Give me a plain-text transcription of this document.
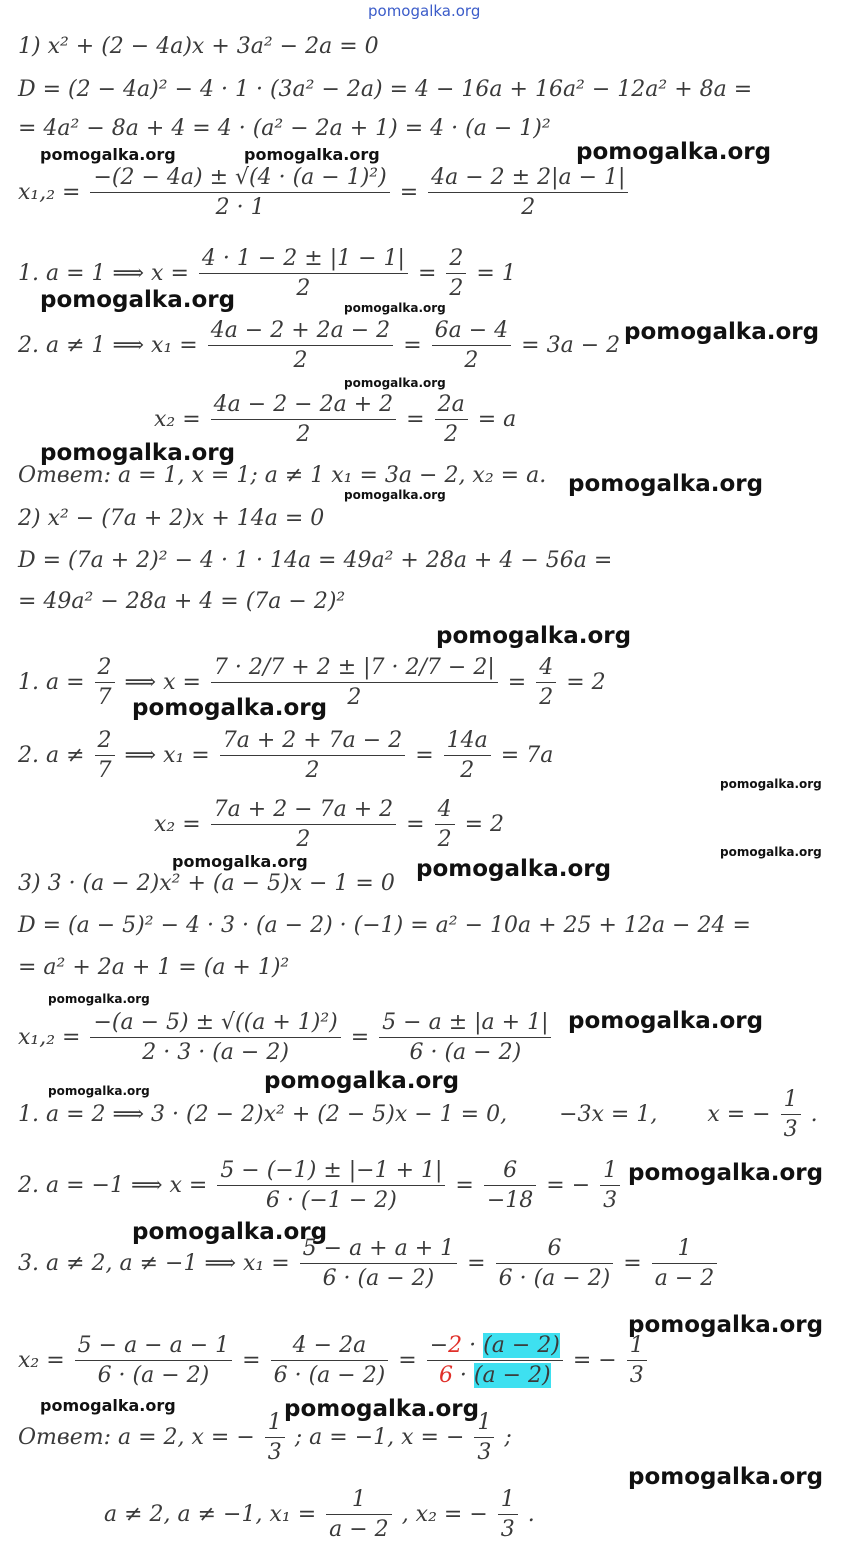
pomogalka.org
1) x² + (2 − 4a)x + 3a² − 2a = 0
D = (2 − 4a)² − 4 · 1 · (3a² − 2a) = 4 − 16a + 16a² − 12a² + 8a =
= 4a² − 8a + 4 = 4 · (a² − 2a + 1) = 4 · (a − 1)²
$x_1,_2 = \frac{\text{−(2 − 4a) ± √(4 · (a − 1)²)}}{2 \cdot 1} = \frac{4a - 2 \pm 2|a - 1|}{2}$
1. a = 1 ⟹ $x = \frac{4 \cdot 1 - 2 \pm |1 - 1|}{2} = \frac{2}{2} = 1$
2. a ≠ 1 ⟹ $x_1 = \frac{4a - 2 + 2a - 2}{2} = \frac{6a - 4}{2} = 3a - 2$
$x_2 = \frac{4a - 2 - 2a + 2}{2} = \frac{2a}{2} = a$
Ответ: a = 1, x = 1; a ≠ 1 x₁ = 3a − 2, x₂ = a.
2) x² − (7a + 2)x + 14a = 0
D = (7a + 2)² − 4 · 1 · 14a = 49a² + 28a + 4 − 56a =
= 49a² − 28a + 4 = (7a − 2)²
1. $a = \frac{2}{7}$ ⟹ $x = \frac{7 \cdot 2/7 + 2 \pm |7 \cdot 2/7 - 2|}{2} = \frac{4}{2} = 2$
2. $a \ne \frac{2}{7}$ ⟹ $x_1 = \frac{7a + 2 + 7a - 2}{2} = \frac{14a}{2} = 7a$
$x_2 = \frac{7a + 2 - 7a + 2}{2} = \frac{4}{2} = 2$
3) 3 · (a − 2)x² + (a − 5)x − 1 = 0
D = (a − 5)² − 4 · 3 · (a − 2) · (−1) = a² − 10a + 25 + 12a − 24 =
= a² + 2a + 1 = (a + 1)²
$x_1,_2 = \frac{\text{−(a − 5) ± √((a + 1)²)}}{2 \cdot 3 \cdot (a - 2)} = \frac{5 - a \pm |a + 1|}{6 \cdot (a - 2)}$
1. a = 2 ⟹ 3 · (2 − 2)x² + (2 − 5)x − 1 = 0, −3x = 1, x = − $\frac{1}{3}$ .
2. a = −1 ⟹ $x = \frac{5 - (-1) \pm |-1 + 1|}{6 \cdot (-1 - 2)} = \frac{6}{-18}$ = − $\frac{1}{3}$
3. a ≠ 2, a ≠ −1 ⟹ $x_1 = \frac{5 - a + a + 1}{6 \cdot (a - 2)} = \frac{6}{6 \cdot (a - 2)} = \frac{1}{a - 2}$
$x_2 = \frac{5 - a - a - 1}{6 \cdot (a - 2)} = \frac{4 - 2a}{6 \cdot (a - 2)} = \frac{-2 \cdot (a - 2)}{6 \cdot (a - 2)}$ = − $\frac{1}{3}$
Ответ: a = 2, x = − $\frac{1}{3}$ ; a = −1, x = − $\frac{1}{3}$ ;
a ≠ 2, a ≠ −1, $x_1 = \frac{1}{a - 2}$ , x₂ = − $\frac{1}{3}$ .
pomogalka.org	pomogalka.org	pomogalka.org
pomogalka.org	pomogalka.org
pomogalka.org
pomogalka.org
pomogalka.org
pomogalka.org
pomogalka.org
pomogalka.org
pomogalka.org
pomogalka.org
pomogalka.org
pomogalka.org	pomogalka.org
pomogalka.org
pomogalka.org
pomogalka.org
pomogalka.org
pomogalka.org
pomogalka.org
pomogalka.org
pomogalka.org	pomogalka.org
pomogalka.org
